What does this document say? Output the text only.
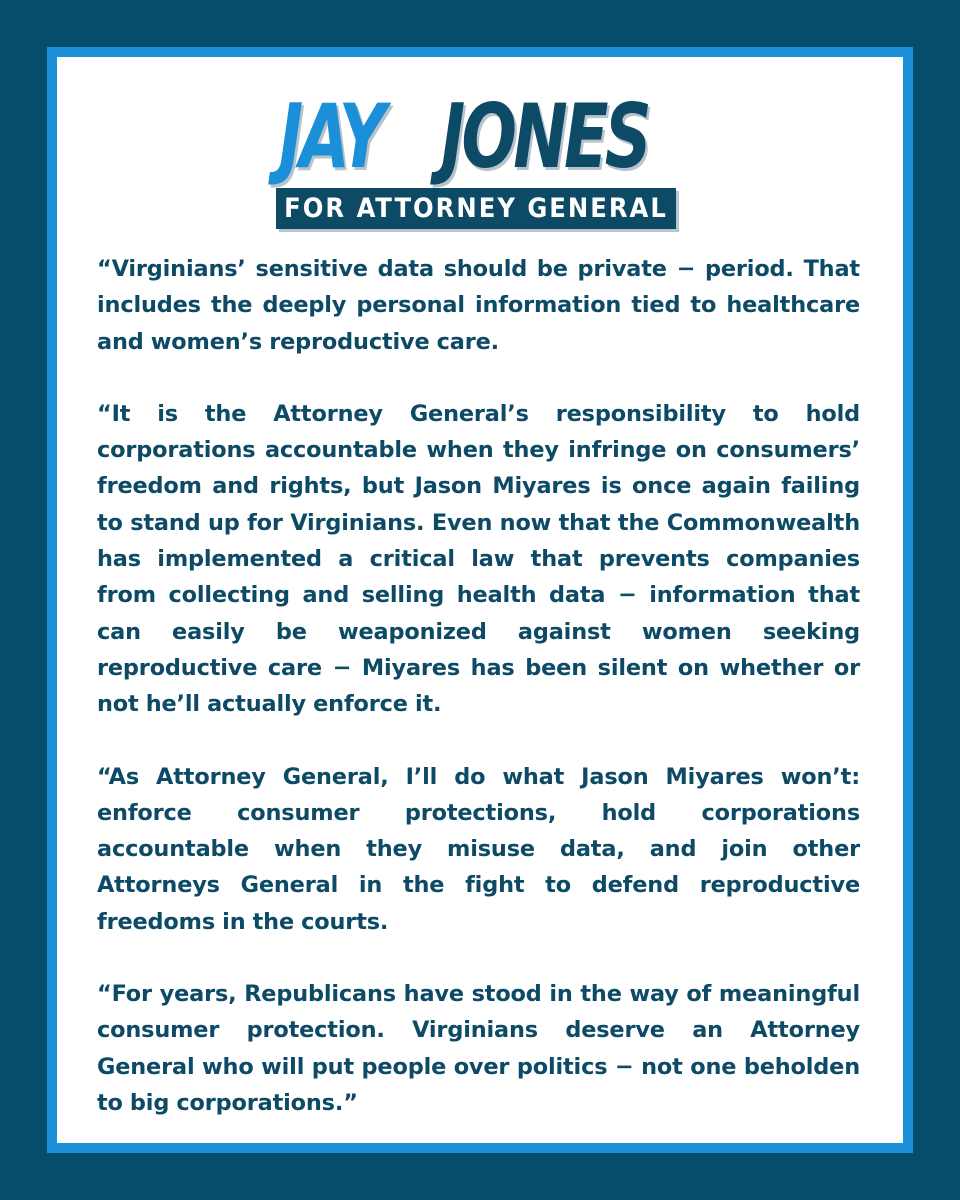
JAY JONES
FOR ATTORNEY GENERAL

“Virginians’ sensitive data should be private − period. That includes the deeply personal information tied to healthcare and women’s reproductive care.

“It is the Attorney General’s responsibility to hold corporations accountable when they infringe on consumers’ freedom and rights, but Jason Miyares is once again failing to stand up for Virginians. Even now that the Commonwealth has implemented a critical law that prevents companies from collecting and selling health data − information that can easily be weaponized against women seeking reproductive care − Miyares has been silent on whether or not he’ll actually enforce it.

“As Attorney General, I’ll do what Jason Miyares won’t: enforce consumer protections, hold corporations accountable when they misuse data, and join other Attorneys General in the fight to defend reproductive freedoms in the courts.

“For years, Republicans have stood in the way of meaningful consumer protection. Virginians deserve an Attorney General who will put people over politics − not one beholden to big corporations.”
